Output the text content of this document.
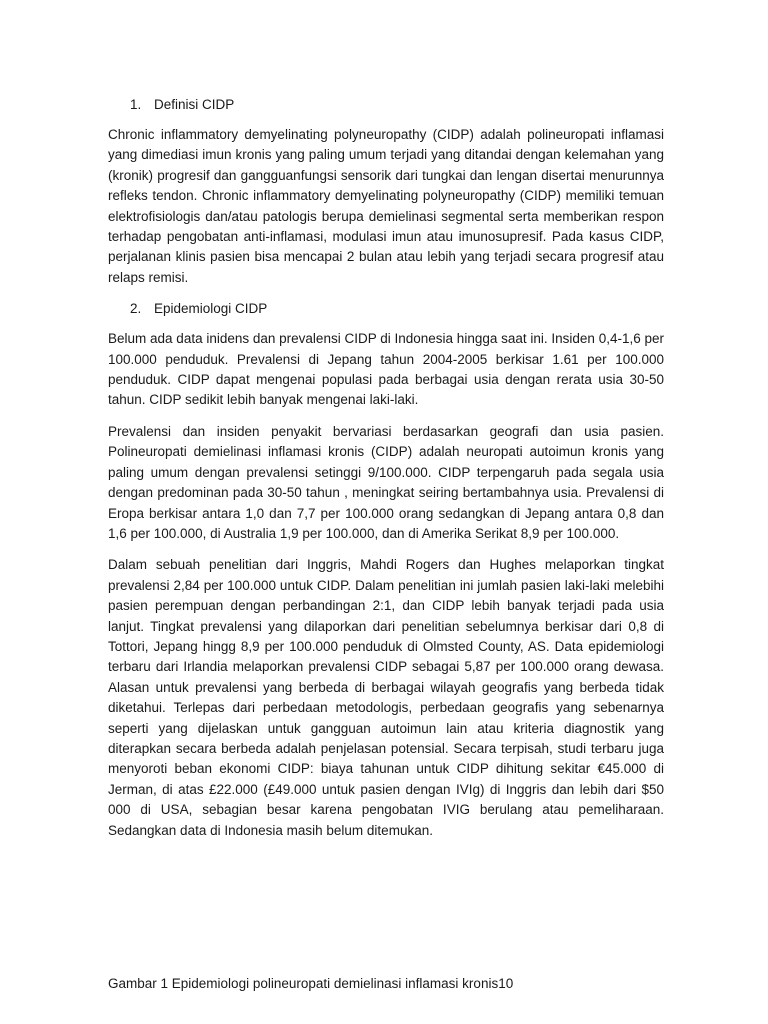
1. Definisi CIDP

Chronic inflammatory demyelinating polyneuropathy (CIDP) adalah polineuropati inflamasi yang dimediasi imun kronis yang paling umum terjadi yang ditandai dengan kelemahan yang (kronik) progresif dan gangguanfungsi sensorik dari tungkai dan lengan disertai menurunnya refleks tendon. Chronic inflammatory demyelinating polyneuropathy (CIDP) memiliki temuan elektrofisiologis dan/atau patologis berupa demielinasi segmental serta memberikan respon terhadap pengobatan anti-inflamasi, modulasi imun atau imunosupresif. Pada kasus CIDP, perjalanan klinis pasien bisa mencapai 2 bulan atau lebih yang terjadi secara progresif atau relaps remisi.

2. Epidemiologi CIDP

Belum ada data inidens dan prevalensi CIDP di Indonesia hingga saat ini. Insiden 0,4-1,6 per 100.000 penduduk. Prevalensi di Jepang tahun 2004-2005 berkisar 1.61 per 100.000 penduduk. CIDP dapat mengenai populasi pada berbagai usia dengan rerata usia 30-50 tahun. CIDP sedikit lebih banyak mengenai laki-laki.

Prevalensi dan insiden penyakit bervariasi berdasarkan geografi dan usia pasien. Polineuropati demielinasi inflamasi kronis (CIDP) adalah neuropati autoimun kronis yang paling umum dengan prevalensi setinggi 9/100.000. CIDP terpengaruh pada segala usia dengan predominan pada 30-50 tahun , meningkat seiring bertambahnya usia. Prevalensi di Eropa berkisar antara 1,0 dan 7,7 per 100.000 orang sedangkan di Jepang antara 0,8 dan 1,6 per 100.000, di Australia 1,9 per 100.000, dan di Amerika Serikat 8,9 per 100.000.

Dalam sebuah penelitian dari Inggris, Mahdi Rogers dan Hughes melaporkan tingkat prevalensi 2,84 per 100.000 untuk CIDP. Dalam penelitian ini jumlah pasien laki-laki melebihi pasien perempuan dengan perbandingan 2:1, dan CIDP lebih banyak terjadi pada usia lanjut. Tingkat prevalensi yang dilaporkan dari penelitian sebelumnya berkisar dari 0,8 di Tottori, Jepang hingg 8,9 per 100.000 penduduk di Olmsted County, AS. Data epidemiologi terbaru dari Irlandia melaporkan prevalensi CIDP sebagai 5,87 per 100.000 orang dewasa. Alasan untuk prevalensi yang berbeda di berbagai wilayah geografis yang berbeda tidak diketahui. Terlepas dari perbedaan metodologis, perbedaan geografis yang sebenarnya seperti yang dijelaskan untuk gangguan autoimun lain atau kriteria diagnostik yang diterapkan secara berbeda adalah penjelasan potensial. Secara terpisah, studi terbaru juga menyoroti beban ekonomi CIDP: biaya tahunan untuk CIDP dihitung sekitar €45.000 di Jerman, di atas £22.000 (£49.000 untuk pasien dengan IVIg) di Inggris dan lebih dari $50 000 di USA, sebagian besar karena pengobatan IVIG berulang atau pemeliharaan. Sedangkan data di Indonesia masih belum ditemukan.

Gambar 1 Epidemiologi polineuropati demielinasi inflamasi kronis10
